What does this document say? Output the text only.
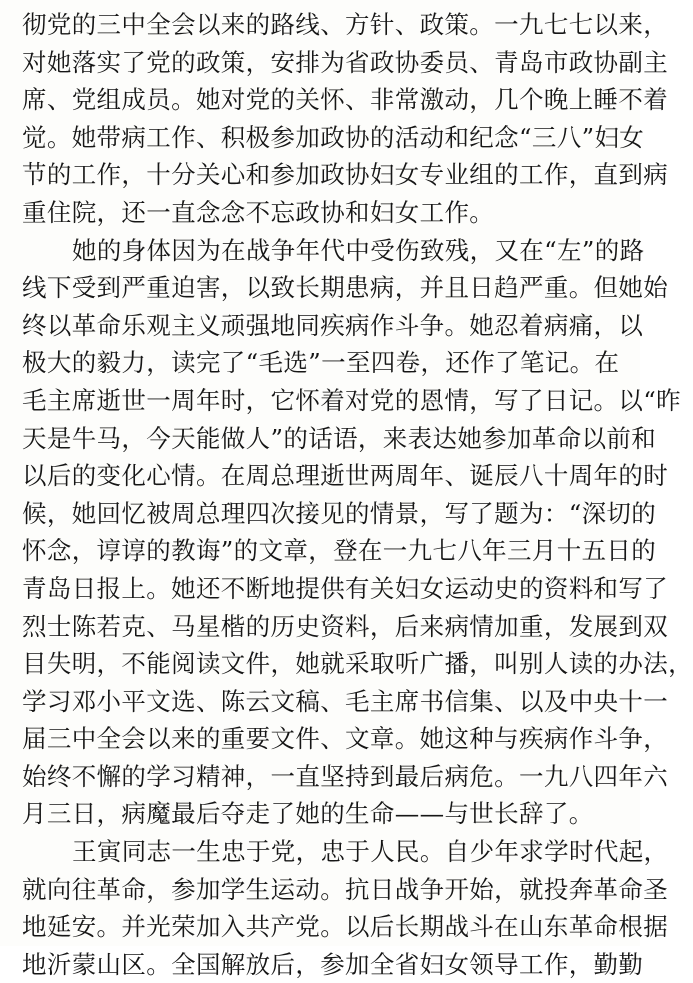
彻党的三中全会以来的路线、方针、政策。一九七七以来，
对她落实了党的政策，安排为省政协委员、青岛市政协副主
席、党组成员。她对党的关怀、非常激动，几个晚上睡不着
觉。她带病工作、积极参加政协的活动和纪念“三八”妇女
节的工作，十分关心和参加政协妇女专业组的工作，直到病
重住院，还一直念念不忘政协和妇女工作。
她的身体因为在战争年代中受伤致残，又在“左”的路
线下受到严重迫害，以致长期患病，并且日趋严重。但她始
终以革命乐观主义顽强地同疾病作斗争。她忍着病痛，以
极大的毅力，读完了“毛选”一至四卷，还作了笔记。在
毛主席逝世一周年时，它怀着对党的恩情，写了日记。以“昨
天是牛马，今天能做人”的话语，来表达她参加革命以前和
以后的变化心情。在周总理逝世两周年、诞辰八十周年的时
候，她回忆被周总理四次接见的情景，写了题为：“深切的
怀念，谆谆的教诲”的文章，登在一九七八年三月十五日的
青岛日报上。她还不断地提供有关妇女运动史的资料和写了
烈士陈若克、马星楷的历史资料，后来病情加重，发展到双
目失明，不能阅读文件，她就采取听广播，叫别人读的办法，
学习邓小平文选、陈云文稿、毛主席书信集、以及中央十一
届三中全会以来的重要文件、文章。她这种与疾病作斗争，
始终不懈的学习精神，一直坚持到最后病危。一九八四年六
月三日，病魔最后夺走了她的生命——与世长辞了。
王寅同志一生忠于党，忠于人民。自少年求学时代起，
就向往革命，参加学生运动。抗日战争开始，就投奔革命圣
地延安。并光荣加入共产党。以后长期战斗在山东革命根据
地沂蒙山区。全国解放后，参加全省妇女领导工作，勤勤
